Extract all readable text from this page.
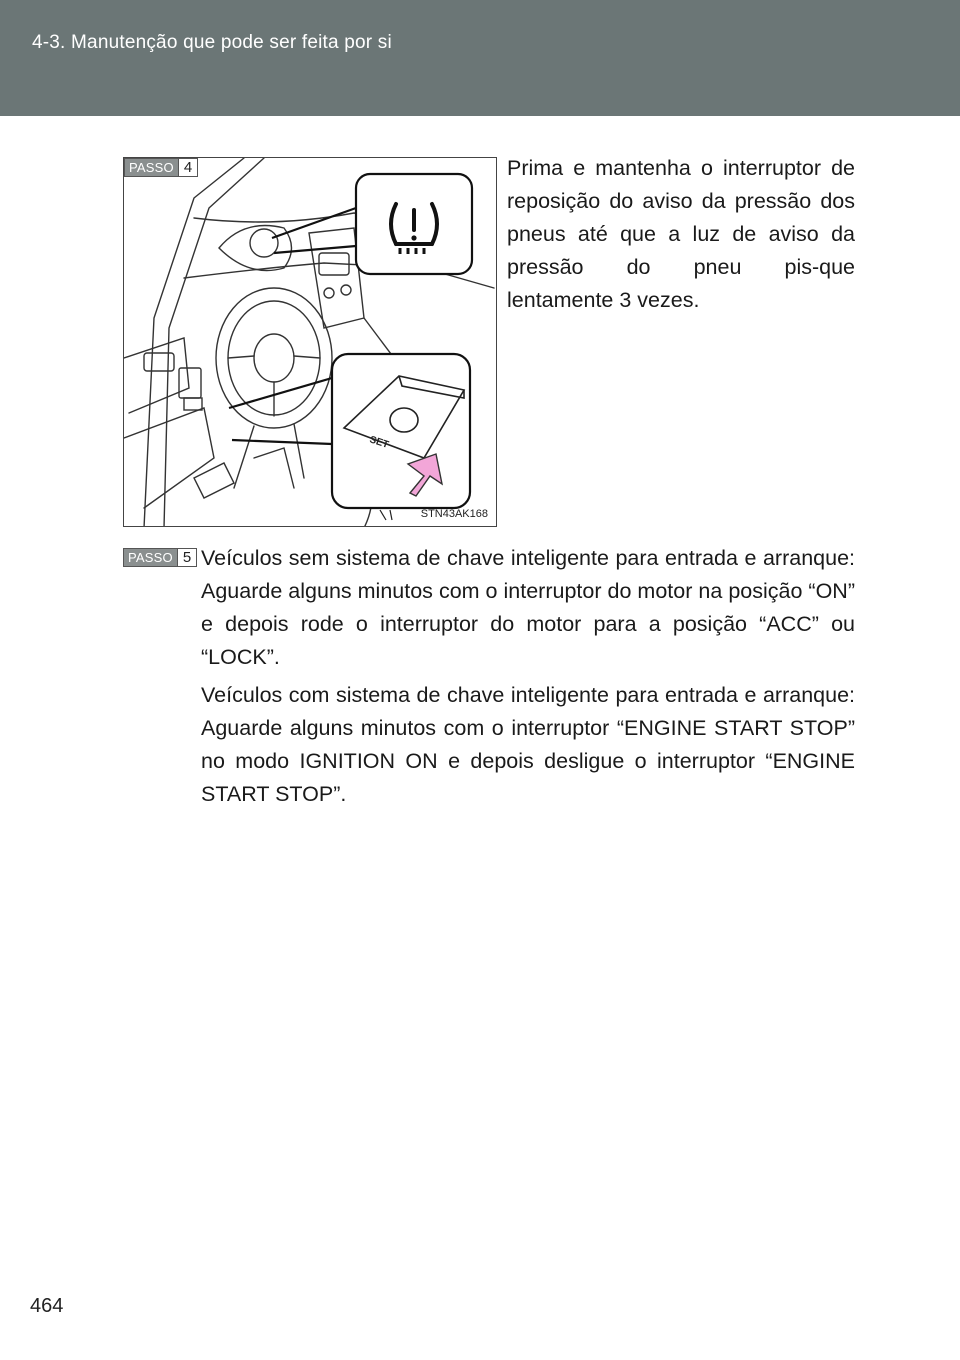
4-3. Manutenção que pode ser feita por si
SET
PASSO 4
STN43AK168
Prima e mantenha o interruptor de reposição do aviso da pressão dos pneus até que a luz de aviso da pressão do pneu pis-que lentamente 3 vezes.
PASSO 5 Veículos sem sistema de chave inteligente para entrada e arranque: Aguarde alguns minutos com o interruptor do motor na posição “ON” e depois rode o interruptor do motor para a posição “ACC” ou “LOCK”.
Veículos com sistema de chave inteligente para entrada e arranque: Aguarde alguns minutos com o interruptor “ENGINE START STOP” no modo IGNITION ON e depois desligue o interruptor “ENGINE START STOP”.
464
